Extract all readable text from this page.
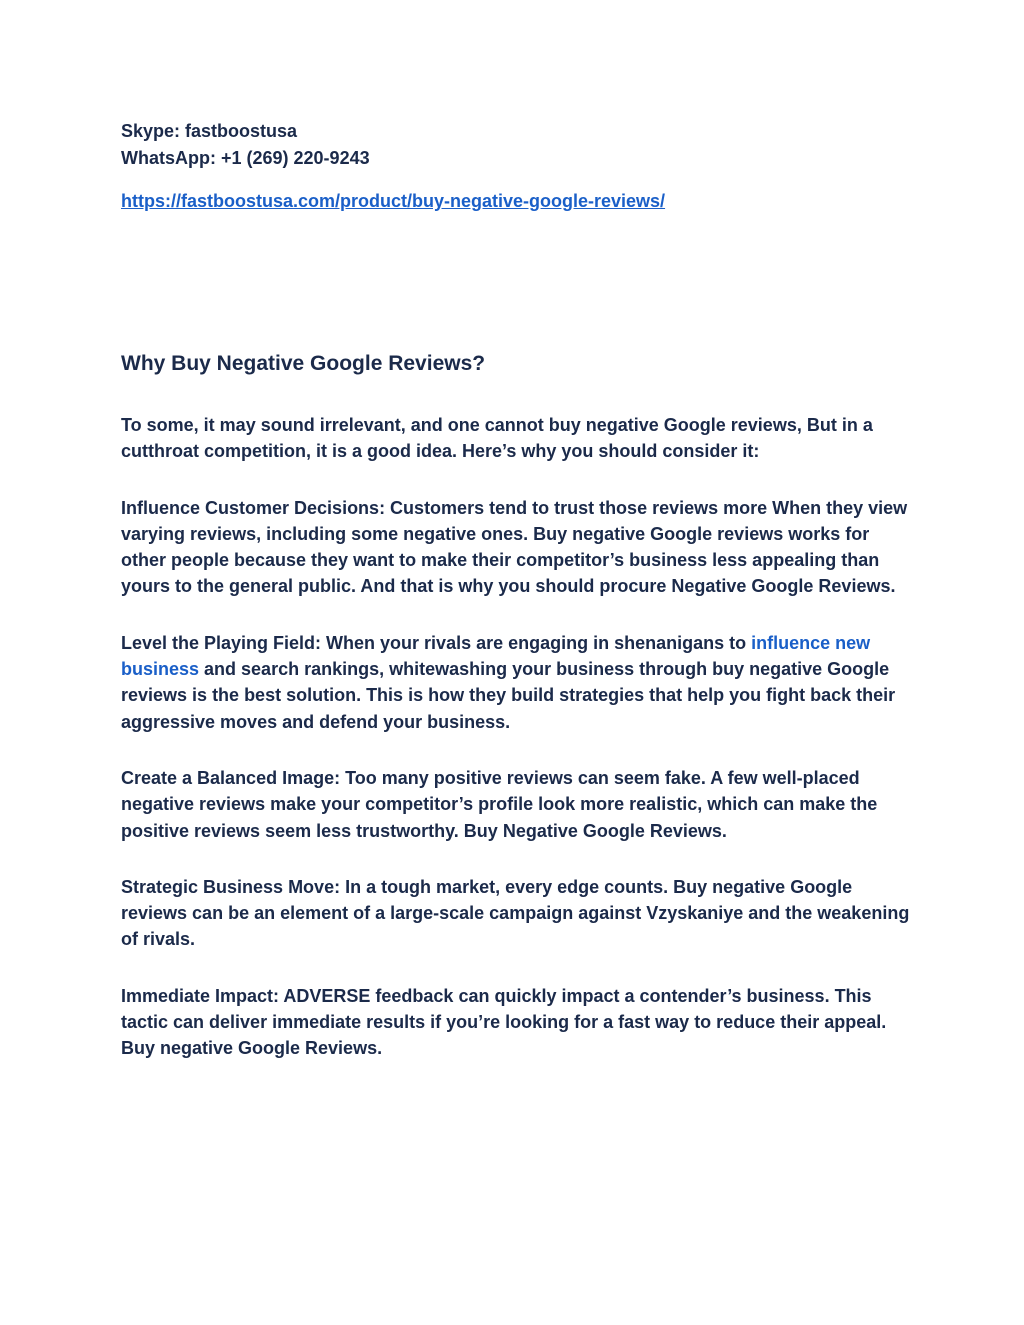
Skype: fastboostusa

WhatsApp: +1 (269) 220-9243

https://fastboostusa.com/product/buy-negative-google-reviews/
Why Buy Negative Google Reviews?

To some, it may sound irrelevant, and one cannot buy negative Google reviews, But in a cutthroat competition, it is a good idea. Here’s why you should consider it:

Influence Customer Decisions: Customers tend to trust those reviews more When they view varying reviews, including some negative ones. Buy negative Google reviews works for other people because they want to make their competitor’s business less appealing than yours to the general public. And that is why you should procure Negative Google Reviews.

Level the Playing Field: When your rivals are engaging in shenanigans to influence new business and search rankings, whitewashing your business through buy negative Google reviews is the best solution. This is how they build strategies that help you fight back their aggressive moves and defend your business.

Create a Balanced Image: Too many positive reviews can seem fake. A few well-placed negative reviews make your competitor’s profile look more realistic, which can make the positive reviews seem less trustworthy. Buy Negative Google Reviews.

Strategic Business Move: In a tough market, every edge counts. Buy negative Google reviews can be an element of a large-scale campaign against Vzyskaniye and the weakening of rivals.

Immediate Impact: ADVERSE feedback can quickly impact a contender’s business. This tactic can deliver immediate results if you’re looking for a fast way to reduce their appeal. Buy negative Google Reviews.
